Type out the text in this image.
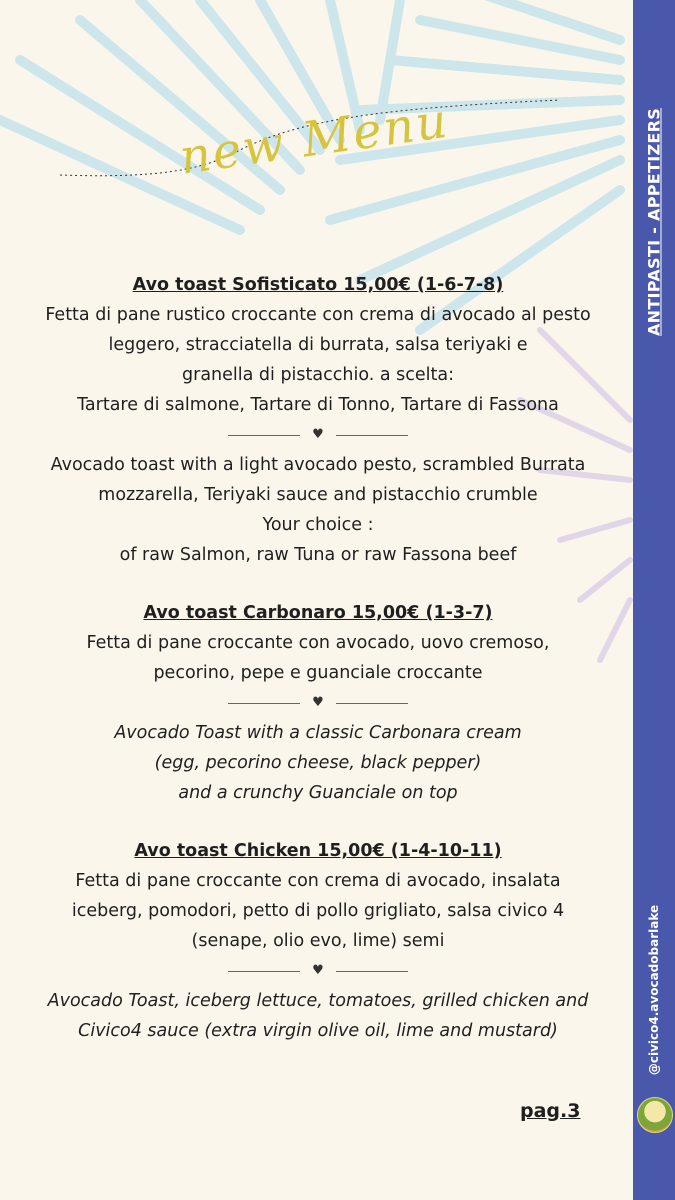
new Menu
Avo toast Sofisticato 15,00€ (1-6-7-8)
Fetta di pane rustico croccante con crema di avocado al pesto
leggero, stracciatella di burrata, salsa teriyaki e
granella di pistacchio. a scelta:
Tartare di salmone, Tartare di Tonno, Tartare di Fassona
♥
Avocado toast with a light avocado pesto, scrambled Burrata
mozzarella, Teriyaki sauce and pistacchio crumble
Your choice :
of raw Salmon, raw Tuna or raw Fassona beef
Avo toast Carbonaro 15,00€ (1-3-7)
Fetta di pane croccante con avocado, uovo cremoso,
pecorino, pepe e guanciale croccante
♥
Avocado Toast with a classic Carbonara cream
(egg, pecorino cheese, black pepper)
and a crunchy Guanciale on top
Avo toast Chicken 15,00€ (1-4-10-11)
Fetta di pane croccante con crema di avocado, insalata
iceberg, pomodori, petto di pollo grigliato, salsa civico 4
(senape, olio evo, lime) semi
♥
Avocado Toast, iceberg lettuce, tomatoes, grilled chicken and
Civico4 sauce (extra virgin olive oil, lime and mustard)
pag.3
ANTIPASTI - APPETIZERS
@civico4.avocadobarlake
